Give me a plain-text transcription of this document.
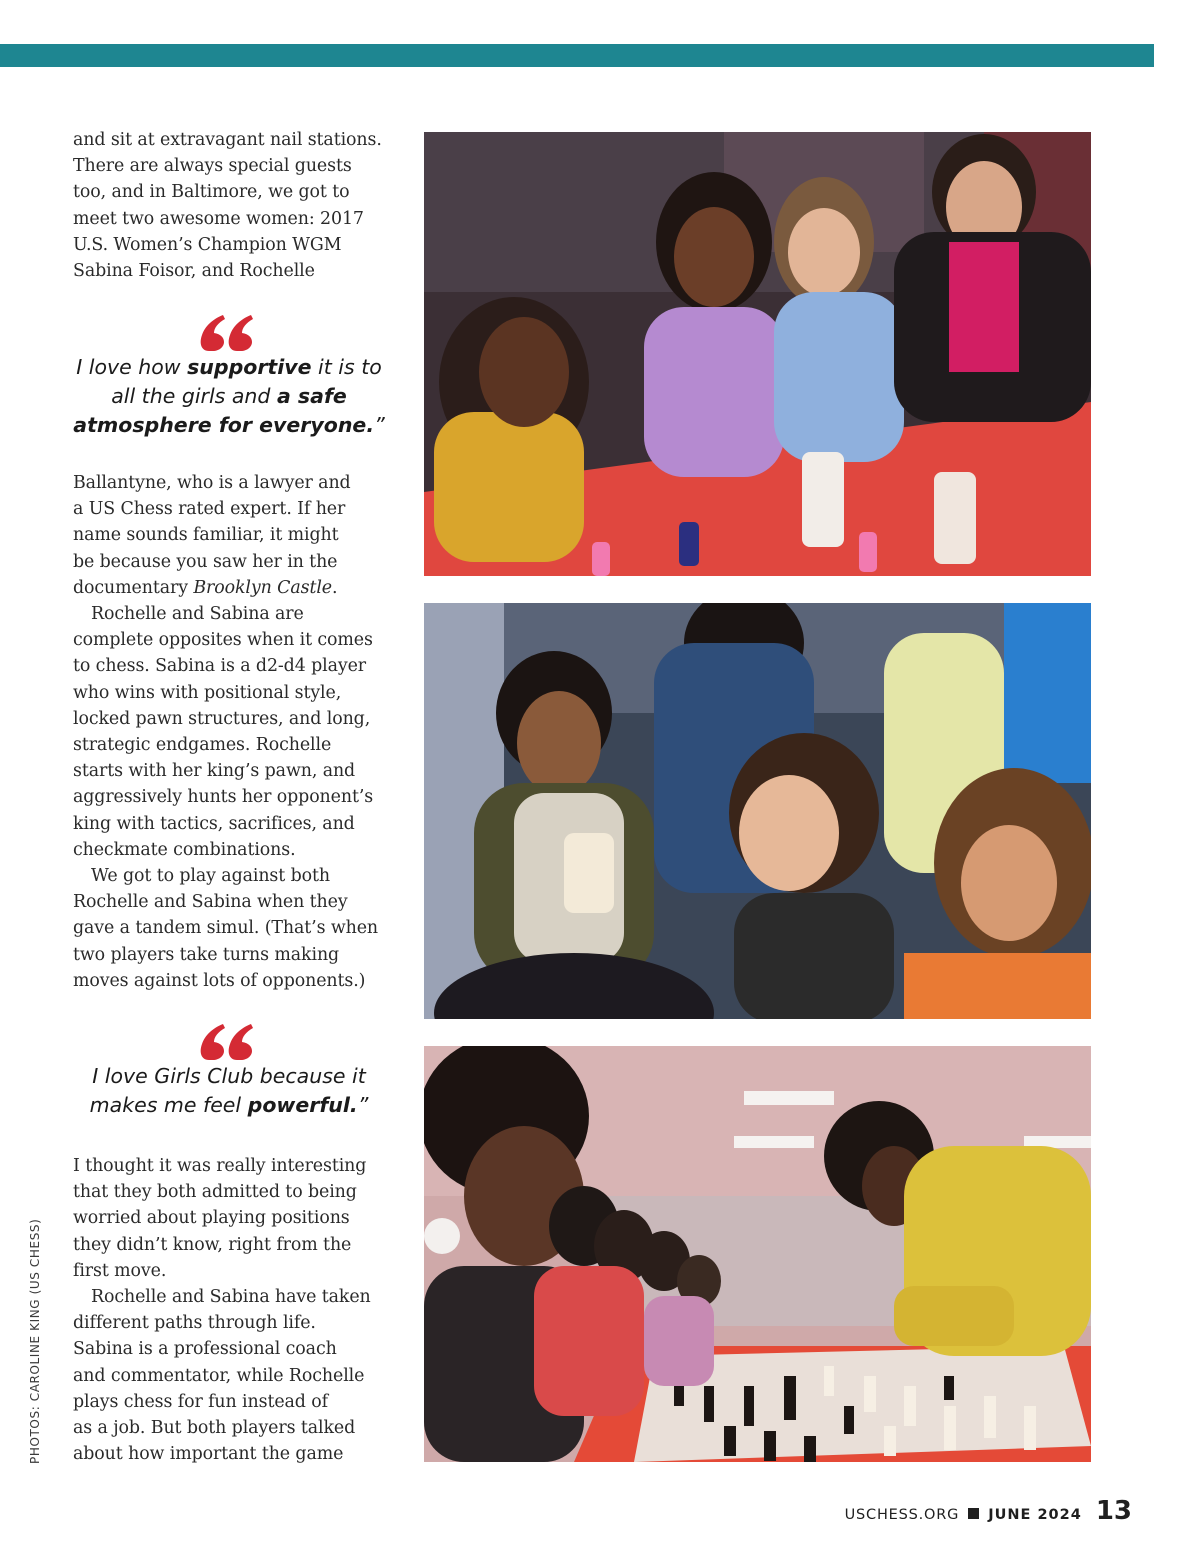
and sit at extravagant nail stations.
There are always special guests
too, and in Baltimore, we got to
meet two awesome women: 2017
U.S. Women’s Champion WGM
Sabina Foisor, and Rochelle

I love how supportive it is to all the girls and a safe atmosphere for everyone.”

Ballantyne, who is a lawyer and
a US Chess rated expert. If her
name sounds familiar, it might
be because you saw her in the
documentary Brooklyn Castle.

Rochelle and Sabina are
complete opposites when it comes
to chess. Sabina is a d2-d4 player
who wins with positional style,
locked pawn structures, and long,
strategic endgames. Rochelle
starts with her king’s pawn, and
aggressively hunts her opponent’s
king with tactics, sacrifices, and
checkmate combinations.

We got to play against both
Rochelle and Sabina when they
gave a tandem simul. (That’s when
two players take turns making
moves against lots of opponents.)

I love Girls Club because it makes me feel powerful.”

I thought it was really interesting
that they both admitted to being
worried about playing positions
they didn’t know, right from the
first move.

Rochelle and Sabina have taken
different paths through life.
Sabina is a professional coach
and commentator, while Rochelle
plays chess for fun instead of
as a job. But both players talked
about how important the game

PHOTOS: CAROLINE KING (US CHESS)
USCHESS.ORG JUNE 2024 13
